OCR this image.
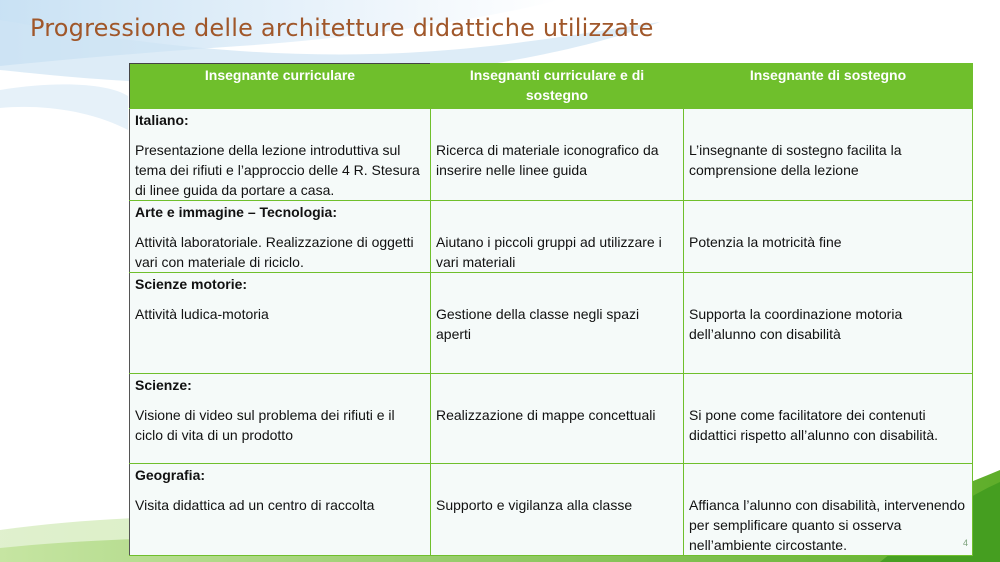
Progressione delle architetture didattiche utilizzate
Insegnante curriculare	Insegnanti curriculare e di sostegno	Insegnante di sostegno

Italiano:
Presentazione della lezione introduttiva sul tema dei rifiuti e l’approccio delle 4 R. Stesura di linee guida da portare a casa.	Ricerca di materiale iconografico da inserire nelle linee guida	L’insegnante di sostegno facilita la comprensione della lezione

Arte e immagine – Tecnologia:
Attività laboratoriale. Realizzazione di oggetti vari con materiale di riciclo.	Aiutano i piccoli gruppi ad utilizzare i vari materiali	Potenzia la motricità fine

Scienze motorie:
Attività ludica-motoria	Gestione della classe negli spazi aperti	Supporta la coordinazione motoria dell’alunno con disabilità

Scienze:
Visione di video sul problema dei rifiuti e il ciclo di vita di un prodotto	Realizzazione di mappe concettuali	Si pone come facilitatore dei contenuti didattici rispetto all’alunno con disabilità.

Geografia:
Visita didattica ad un centro di raccolta	Supporto e vigilanza alla classe	Affianca l’alunno con disabilità, intervenendo per semplificare quanto si osserva nell’ambiente circostante.	4
